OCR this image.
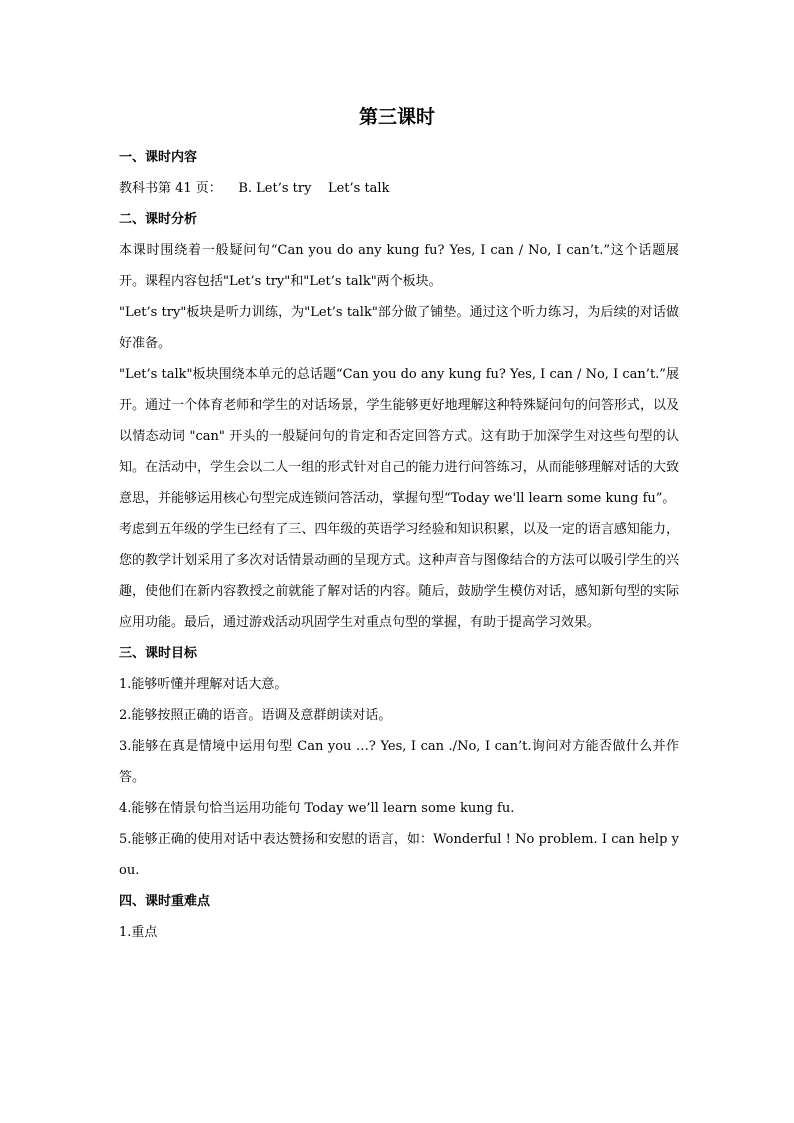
第三课时
一、课时内容

教科书第 41 页：    B. Let’s try    Let’s talk

二、课时分析

本课时围绕着一般疑问句“Can you do any kung fu? Yes, I can / No, I can’t.”这个话题展开。课程内容包括"Let’s try"和"Let’s talk"两个板块。

"Let’s try"板块是听力训练，为"Let’s talk"部分做了铺垫。通过这个听力练习，为后续的对话做好准备。

"Let’s talk"板块围绕本单元的总话题“Can you do any kung fu? Yes, I can / No, I can’t.”展开。通过一个体育老师和学生的对话场景，学生能够更好地理解这种特殊疑问句的问答形式，以及以情态动词 "can" 开头的一般疑问句的肯定和否定回答方式。这有助于加深学生对这些句型的认知。在活动中，学生会以二人一组的形式针对自己的能力进行问答练习，从而能够理解对话的大致意思，并能够运用核心句型完成连锁问答活动，掌握句型“Today we'll learn some kung fu”。

考虑到五年级的学生已经有了三、四年级的英语学习经验和知识积累，以及一定的语言感知能力，您的教学计划采用了多次对话情景动画的呈现方式。这种声音与图像结合的方法可以吸引学生的兴趣，使他们在新内容教授之前就能了解对话的内容。随后，鼓励学生模仿对话，感知新句型的实际应用功能。最后，通过游戏活动巩固学生对重点句型的掌握，有助于提高学习效果。

三、课时目标

1.能够听懂并理解对话大意。

2.能够按照正确的语音。语调及意群朗读对话。

3.能够在真是情境中运用句型 Can you …? Yes, I can ./No, I can’t.询问对方能否做什么并作答。

4.能够在情景句恰当运用功能句 Today we’ll learn some kung fu.

5.能够正确的使用对话中表达赞扬和安慰的语言，如：Wonderful ! No problem. I can help you.

四、课时重难点

1.重点
